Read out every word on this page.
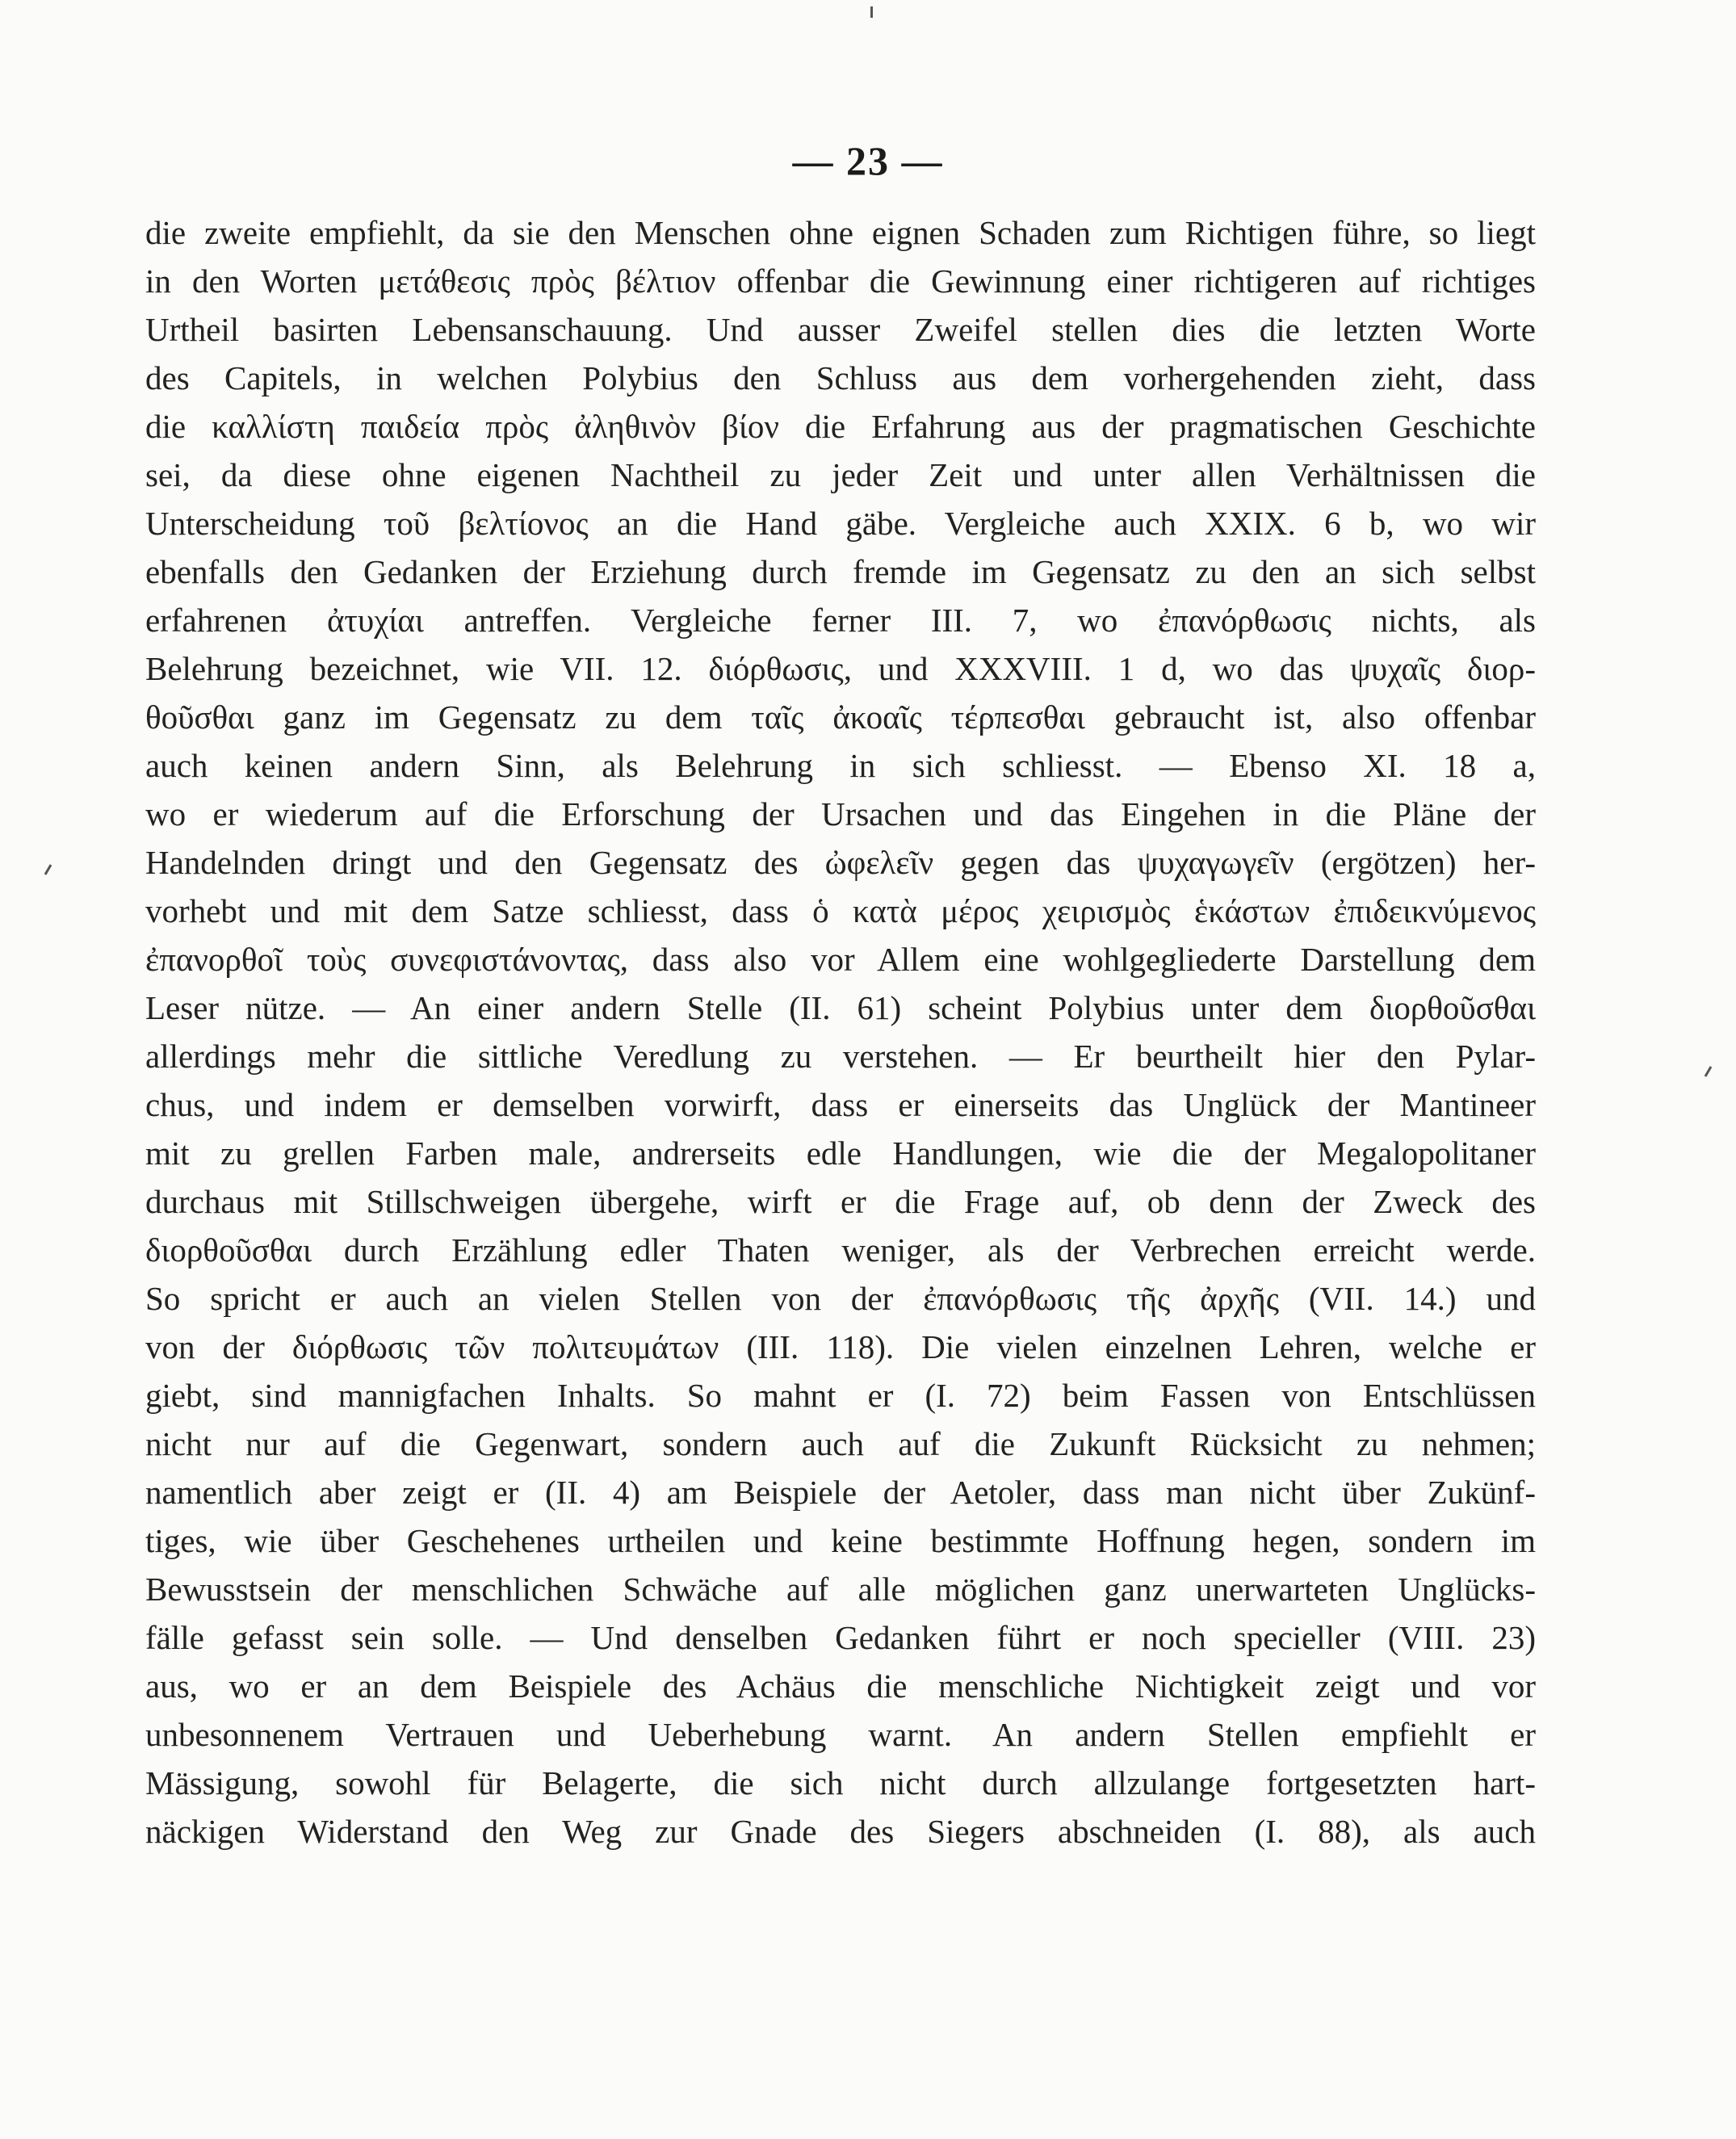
— 23 —
die zweite empfiehlt, da sie den Menschen ohne eignen Schaden zum Richtigen führe, so liegt
in den Worten μετάθεσις πρὸς βέλτιον offenbar die Gewinnung einer richtigeren auf richtiges
Urtheil basirten Lebensanschauung. Und ausser Zweifel stellen dies die letzten Worte
des Capitels, in welchen Polybius den Schluss aus dem vorhergehenden zieht, dass
die καλλίστη παιδεία πρὸς ἀληθινὸν βίον die Erfahrung aus der pragmatischen Geschichte
sei, da diese ohne eigenen Nachtheil zu jeder Zeit und unter allen Verhältnissen die
Unterscheidung τοῦ βελτίονος an die Hand gäbe. Vergleiche auch XXIX. 6 b, wo wir
ebenfalls den Gedanken der Erziehung durch fremde im Gegensatz zu den an sich selbst
erfahrenen ἀτυχίαι antreffen. Vergleiche ferner III. 7, wo ἐπανόρθωσις nichts, als
Belehrung bezeichnet, wie VII. 12. διόρθωσις, und XXXVIII. 1 d, wo das ψυχαῖς διορ-
θοῦσθαι ganz im Gegensatz zu dem ταῖς ἀκοαῖς τέρπεσθαι gebraucht ist, also offenbar
auch keinen andern Sinn, als Belehrung in sich schliesst. — Ebenso XI. 18 a,
wo er wiederum auf die Erforschung der Ursachen und das Eingehen in die Pläne der
Handelnden dringt und den Gegensatz des ὠφελεῖν gegen das ψυχαγωγεῖν (ergötzen) her-
vorhebt und mit dem Satze schliesst, dass ὁ κατὰ μέρος χειρισμὸς ἑκάστων ἐπιδεικνύμενος
ἐπανορθοῖ τοὺς συνεφιστάνοντας, dass also vor Allem eine wohlgegliederte Darstellung dem
Leser nütze. — An einer andern Stelle (II. 61) scheint Polybius unter dem διορθοῦσθαι
allerdings mehr die sittliche Veredlung zu verstehen. — Er beurtheilt hier den Pylar-
chus, und indem er demselben vorwirft, dass er einerseits das Unglück der Mantineer
mit zu grellen Farben male, andrerseits edle Handlungen, wie die der Megalopolitaner
durchaus mit Stillschweigen übergehe, wirft er die Frage auf, ob denn der Zweck des
διορθοῦσθαι durch Erzählung edler Thaten weniger, als der Verbrechen erreicht werde.
So spricht er auch an vielen Stellen von der ἐπανόρθωσις τῆς ἀρχῆς (VII. 14.) und
von der διόρθωσις τῶν πολιτευμάτων (III. 118). Die vielen einzelnen Lehren, welche er
giebt, sind mannigfachen Inhalts. So mahnt er (I. 72) beim Fassen von Entschlüssen
nicht nur auf die Gegenwart, sondern auch auf die Zukunft Rücksicht zu nehmen;
namentlich aber zeigt er (II. 4) am Beispiele der Aetoler, dass man nicht über Zukünf-
tiges, wie über Geschehenes urtheilen und keine bestimmte Hoffnung hegen, sondern im
Bewusstsein der menschlichen Schwäche auf alle möglichen ganz unerwarteten Unglücks-
fälle gefasst sein solle. — Und denselben Gedanken führt er noch specieller (VIII. 23)
aus, wo er an dem Beispiele des Achäus die menschliche Nichtigkeit zeigt und vor
unbesonnenem Vertrauen und Ueberhebung warnt. An andern Stellen empfiehlt er
Mässigung, sowohl für Belagerte, die sich nicht durch allzulange fortgesetzten hart-
näckigen Widerstand den Weg zur Gnade des Siegers abschneiden (I. 88), als auch
